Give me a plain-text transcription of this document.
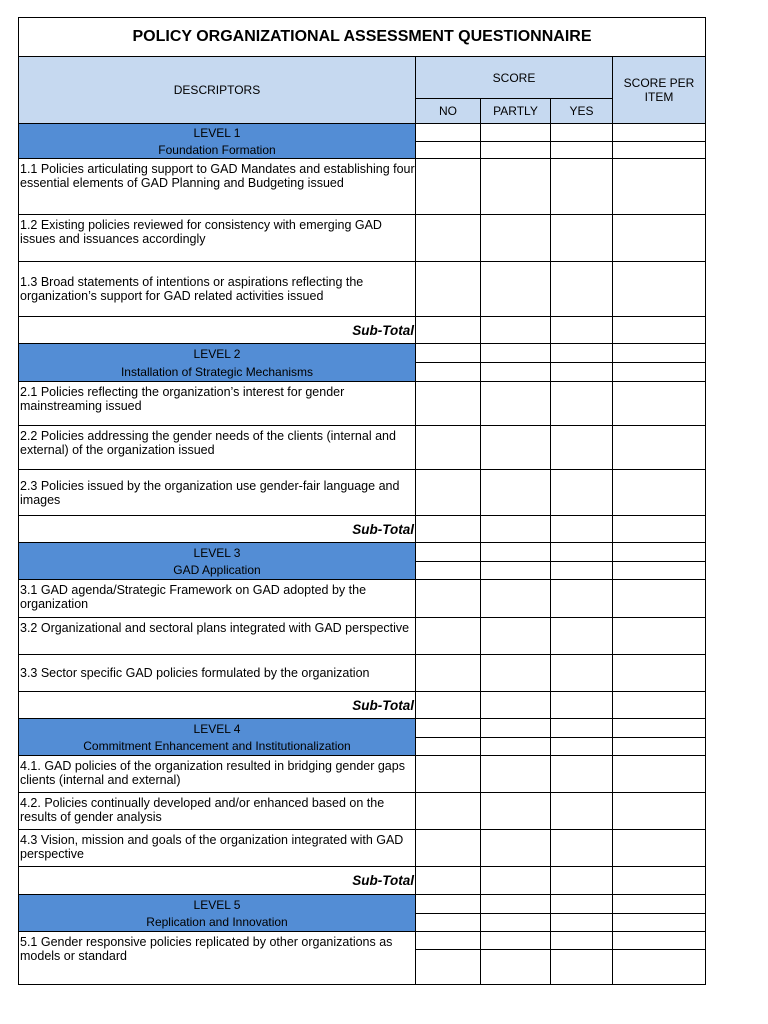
POLICY ORGANIZATIONAL ASSESSMENT QUESTIONNAIRE
DESCRIPTORS
SCORE
NO	PARTLY	YES
SCORE PER ITEM
LEVEL 1
Foundation Formation
1.1 Policies articulating support to GAD Mandates and establishing four essential elements of GAD Planning and Budgeting issued
1.2 Existing policies reviewed for consistency with emerging GAD issues and issuances accordingly
1.3 Broad statements of intentions or aspirations reflecting the organization’s support for GAD related activities issued
Sub-Total
LEVEL 2
Installation of Strategic Mechanisms
2.1 Policies reflecting the organization’s interest for gender mainstreaming issued
2.2 Policies addressing the gender needs of the clients (internal and external) of the organization issued
2.3 Policies issued by the organization use gender-fair language and images
Sub-Total
LEVEL 3
GAD Application
3.1 GAD agenda/Strategic Framework on GAD adopted by the organization
3.2 Organizational and sectoral plans integrated with GAD perspective
3.3 Sector specific GAD policies formulated by the organization
Sub-Total
LEVEL 4
Commitment Enhancement and Institutionalization
4.1. GAD policies of the organization resulted in bridging gender gaps clients (internal and external)
4.2. Policies continually developed and/or enhanced based on the results of gender analysis
4.3 Vision, mission and goals of the organization integrated with GAD perspective
Sub-Total
LEVEL 5
Replication and Innovation
5.1 Gender responsive policies replicated by other organizations as models or standard
